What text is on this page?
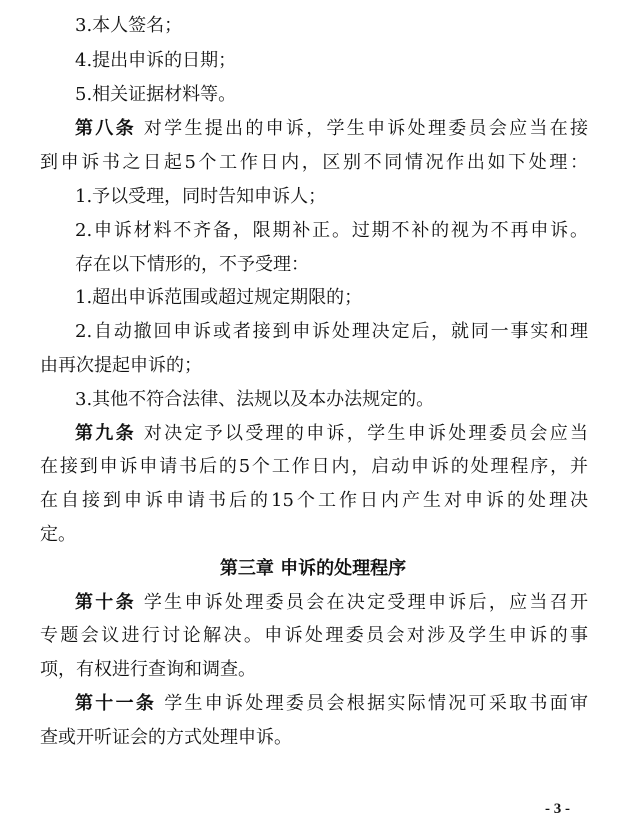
3.本人签名；
4.提出申诉的日期；
5.相关证据材料等。
第八条 对学生提出的申诉，学生申诉处理委员会应当在接
到申诉书之日起5个工作日内，区别不同情况作出如下处理：
1.予以受理，同时告知申诉人；
2.申诉材料不齐备，限期补正。过期不补的视为不再申诉。
存在以下情形的，不予受理：
1.超出申诉范围或超过规定期限的；
2.自动撤回申诉或者接到申诉处理决定后，就同一事实和理
由再次提起申诉的；
3.其他不符合法律、法规以及本办法规定的。
第九条 对决定予以受理的申诉，学生申诉处理委员会应当
在接到申诉申请书后的5个工作日内，启动申诉的处理程序，并
在自接到申诉申请书后的15个工作日内产生对申诉的处理决
定。
第三章 申诉的处理程序
第十条 学生申诉处理委员会在决定受理申诉后，应当召开
专题会议进行讨论解决。申诉处理委员会对涉及学生申诉的事
项，有权进行查询和调查。
第十一条 学生申诉处理委员会根据实际情况可采取书面审
查或开听证会的方式处理申诉。
- 3 -
